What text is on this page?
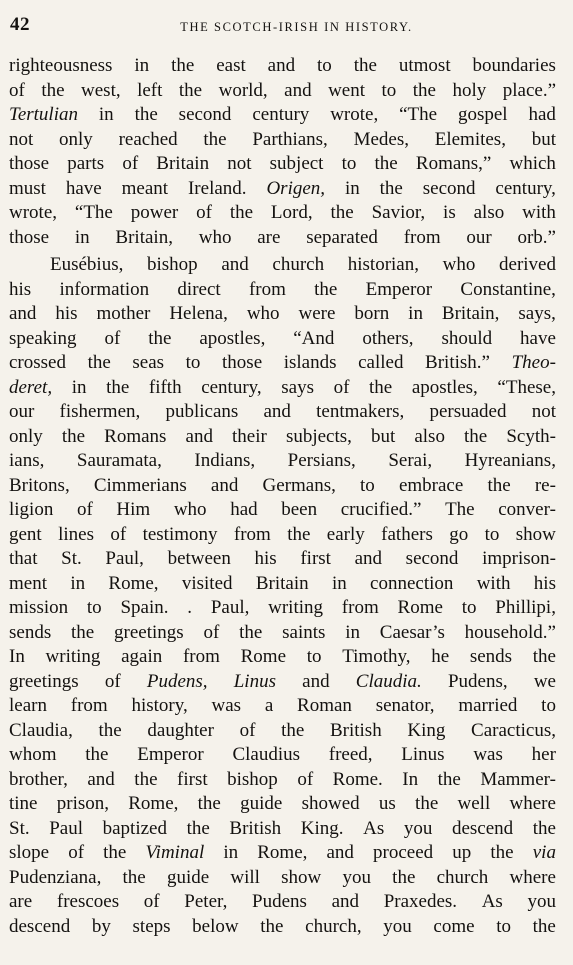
42	THE SCOTCH-IRISH IN HISTORY.
righteousness in the east and to the utmost boundaries
of the west, left the world, and went to the holy place.”
Tertulian in the second century wrote, “The gospel had
not only reached the Parthians, Medes, Elemites, but
those parts of Britain not subject to the Romans,” which
must have meant Ireland. Origen, in the second century,
wrote, “The power of the Lord, the Savior, is also with
those in Britain, who are separated from our orb.”
Eusébius, bishop and church historian, who derived
his information direct from the Emperor Constantine,
and his mother Helena, who were born in Britain, says,
speaking of the apostles, “And others, should have
crossed the seas to those islands called British.” Theo-
deret, in the fifth century, says of the apostles, “These,
our fishermen, publicans and tentmakers, persuaded not
only the Romans and their subjects, but also the Scyth-
ians, Sauramata, Indians, Persians, Serai, Hyreanians,
Britons, Cimmerians and Germans, to embrace the re-
ligion of Him who had been crucified.” The conver-
gent lines of testimony from the early fathers go to show
that St. Paul, between his first and second imprison-
ment in Rome, visited Britain in connection with his
mission to Spain. . Paul, writing from Rome to Phillipi,
sends the greetings of the saints in Caesar’s household.”
In writing again from Rome to Timothy, he sends the
greetings of Pudens, Linus and Claudia. Pudens, we
learn from history, was a Roman senator, married to
Claudia, the daughter of the British King Caracticus,
whom the Emperor Claudius freed, Linus was her
brother, and the first bishop of Rome. In the Mammer-
tine prison, Rome, the guide showed us the well where
St. Paul baptized the British King. As you descend the
slope of the Viminal in Rome, and proceed up the via
Pudenziana, the guide will show you the church where
are frescoes of Peter, Pudens and Praxedes. As you
descend by steps below the church, you come to the
